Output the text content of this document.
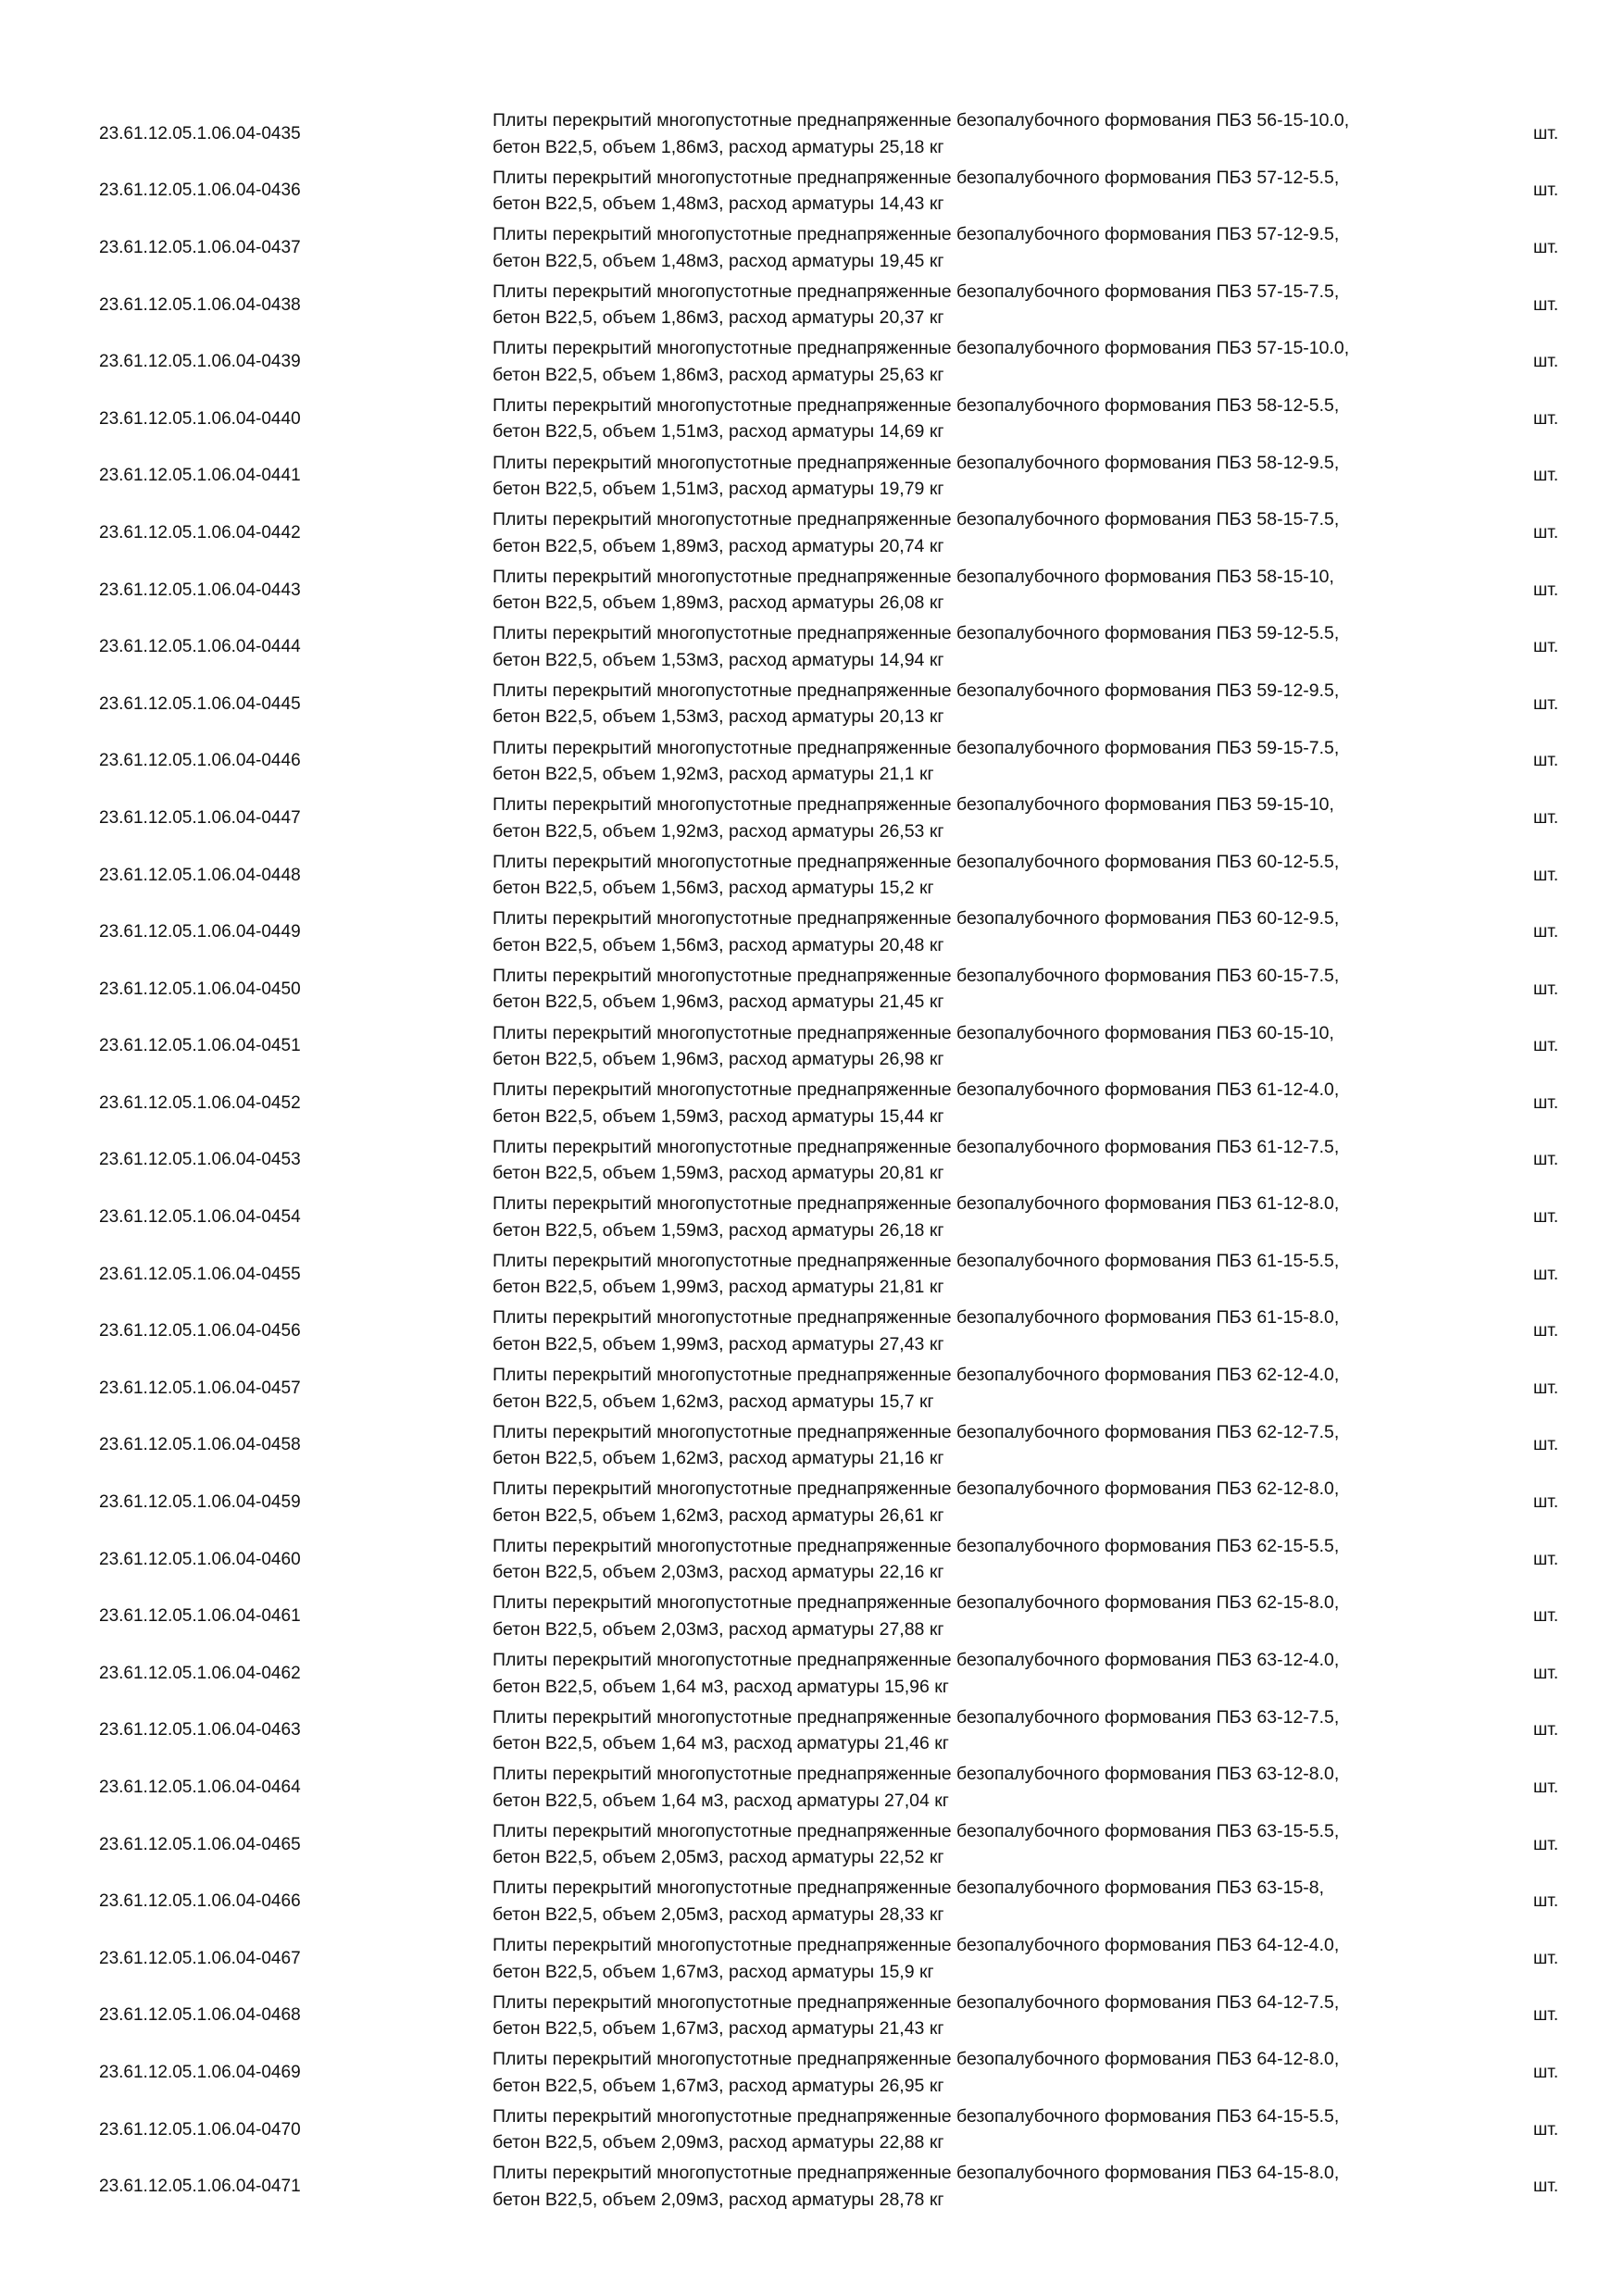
23.61.12.05.1.06.04-0435
Плиты перекрытий многопустотные преднапряженные безопалубочного формования ПБЗ 56-15-10.0,
бетон В22,5, объем 1,86м3, расход арматуры 25,18 кг
шт.
23.61.12.05.1.06.04-0436
Плиты перекрытий многопустотные преднапряженные безопалубочного формования ПБЗ 57-12-5.5,
бетон В22,5, объем 1,48м3, расход арматуры 14,43 кг
шт.
23.61.12.05.1.06.04-0437
Плиты перекрытий многопустотные преднапряженные безопалубочного формования ПБЗ 57-12-9.5,
бетон В22,5, объем 1,48м3, расход арматуры 19,45 кг
шт.
23.61.12.05.1.06.04-0438
Плиты перекрытий многопустотные преднапряженные безопалубочного формования ПБЗ 57-15-7.5,
бетон В22,5, объем 1,86м3, расход арматуры 20,37 кг
шт.
23.61.12.05.1.06.04-0439
Плиты перекрытий многопустотные преднапряженные безопалубочного формования ПБЗ 57-15-10.0,
бетон В22,5, объем 1,86м3, расход арматуры 25,63 кг
шт.
23.61.12.05.1.06.04-0440
Плиты перекрытий многопустотные преднапряженные безопалубочного формования ПБЗ 58-12-5.5,
бетон В22,5, объем 1,51м3, расход арматуры 14,69 кг
шт.
23.61.12.05.1.06.04-0441
Плиты перекрытий многопустотные преднапряженные безопалубочного формования ПБЗ 58-12-9.5,
бетон В22,5, объем 1,51м3, расход арматуры 19,79 кг
шт.
23.61.12.05.1.06.04-0442
Плиты перекрытий многопустотные преднапряженные безопалубочного формования ПБЗ 58-15-7.5,
бетон В22,5, объем 1,89м3, расход арматуры 20,74 кг
шт.
23.61.12.05.1.06.04-0443
Плиты перекрытий многопустотные преднапряженные безопалубочного формования ПБЗ 58-15-10,
бетон В22,5, объем 1,89м3, расход арматуры 26,08 кг
шт.
23.61.12.05.1.06.04-0444
Плиты перекрытий многопустотные преднапряженные безопалубочного формования ПБЗ 59-12-5.5,
бетон В22,5, объем 1,53м3, расход арматуры 14,94 кг
шт.
23.61.12.05.1.06.04-0445
Плиты перекрытий многопустотные преднапряженные безопалубочного формования ПБЗ 59-12-9.5,
бетон В22,5, объем 1,53м3, расход арматуры 20,13 кг
шт.
23.61.12.05.1.06.04-0446
Плиты перекрытий многопустотные преднапряженные безопалубочного формования ПБЗ 59-15-7.5,
бетон В22,5, объем 1,92м3, расход арматуры 21,1 кг
шт.
23.61.12.05.1.06.04-0447
Плиты перекрытий многопустотные преднапряженные безопалубочного формования ПБЗ 59-15-10,
бетон В22,5, объем 1,92м3, расход арматуры 26,53 кг
шт.
23.61.12.05.1.06.04-0448
Плиты перекрытий многопустотные преднапряженные безопалубочного формования ПБЗ 60-12-5.5,
бетон В22,5, объем 1,56м3, расход арматуры 15,2 кг
шт.
23.61.12.05.1.06.04-0449
Плиты перекрытий многопустотные преднапряженные безопалубочного формования ПБЗ 60-12-9.5,
бетон В22,5, объем 1,56м3, расход арматуры 20,48 кг
шт.
23.61.12.05.1.06.04-0450
Плиты перекрытий многопустотные преднапряженные безопалубочного формования ПБЗ 60-15-7.5,
бетон В22,5, объем 1,96м3, расход арматуры 21,45 кг
шт.
23.61.12.05.1.06.04-0451
Плиты перекрытий многопустотные преднапряженные безопалубочного формования ПБЗ 60-15-10,
бетон В22,5, объем 1,96м3, расход арматуры 26,98 кг
шт.
23.61.12.05.1.06.04-0452
Плиты перекрытий многопустотные преднапряженные безопалубочного формования ПБЗ 61-12-4.0,
бетон В22,5, объем 1,59м3, расход арматуры 15,44 кг
шт.
23.61.12.05.1.06.04-0453
Плиты перекрытий многопустотные преднапряженные безопалубочного формования ПБЗ 61-12-7.5,
бетон В22,5, объем 1,59м3, расход арматуры 20,81 кг
шт.
23.61.12.05.1.06.04-0454
Плиты перекрытий многопустотные преднапряженные безопалубочного формования ПБЗ 61-12-8.0,
бетон В22,5, объем 1,59м3, расход арматуры 26,18 кг
шт.
23.61.12.05.1.06.04-0455
Плиты перекрытий многопустотные преднапряженные безопалубочного формования ПБЗ 61-15-5.5,
бетон В22,5, объем 1,99м3, расход арматуры 21,81 кг
шт.
23.61.12.05.1.06.04-0456
Плиты перекрытий многопустотные преднапряженные безопалубочного формования ПБЗ 61-15-8.0,
бетон В22,5, объем 1,99м3, расход арматуры 27,43 кг
шт.
23.61.12.05.1.06.04-0457
Плиты перекрытий многопустотные преднапряженные безопалубочного формования ПБЗ 62-12-4.0,
бетон В22,5, объем 1,62м3, расход арматуры 15,7 кг
шт.
23.61.12.05.1.06.04-0458
Плиты перекрытий многопустотные преднапряженные безопалубочного формования ПБЗ 62-12-7.5,
бетон В22,5, объем 1,62м3, расход арматуры 21,16 кг
шт.
23.61.12.05.1.06.04-0459
Плиты перекрытий многопустотные преднапряженные безопалубочного формования ПБЗ 62-12-8.0,
бетон В22,5, объем 1,62м3, расход арматуры 26,61 кг
шт.
23.61.12.05.1.06.04-0460
Плиты перекрытий многопустотные преднапряженные безопалубочного формования ПБЗ 62-15-5.5,
бетон В22,5, объем 2,03м3, расход арматуры 22,16 кг
шт.
23.61.12.05.1.06.04-0461
Плиты перекрытий многопустотные преднапряженные безопалубочного формования ПБЗ 62-15-8.0,
бетон В22,5, объем 2,03м3, расход арматуры 27,88 кг
шт.
23.61.12.05.1.06.04-0462
Плиты перекрытий многопустотные преднапряженные безопалубочного формования ПБЗ 63-12-4.0,
бетон В22,5, объем 1,64 м3, расход арматуры 15,96 кг
шт.
23.61.12.05.1.06.04-0463
Плиты перекрытий многопустотные преднапряженные безопалубочного формования ПБЗ 63-12-7.5,
бетон В22,5, объем 1,64 м3, расход арматуры 21,46 кг
шт.
23.61.12.05.1.06.04-0464
Плиты перекрытий многопустотные преднапряженные безопалубочного формования ПБЗ 63-12-8.0,
бетон В22,5, объем 1,64 м3, расход арматуры 27,04 кг
шт.
23.61.12.05.1.06.04-0465
Плиты перекрытий многопустотные преднапряженные безопалубочного формования ПБЗ 63-15-5.5,
бетон В22,5, объем 2,05м3, расход арматуры 22,52 кг
шт.
23.61.12.05.1.06.04-0466
Плиты перекрытий многопустотные преднапряженные безопалубочного формования ПБЗ 63-15-8,
бетон В22,5, объем 2,05м3, расход арматуры 28,33 кг
шт.
23.61.12.05.1.06.04-0467
Плиты перекрытий многопустотные преднапряженные безопалубочного формования ПБЗ 64-12-4.0,
бетон В22,5, объем 1,67м3, расход арматуры 15,9 кг
шт.
23.61.12.05.1.06.04-0468
Плиты перекрытий многопустотные преднапряженные безопалубочного формования ПБЗ 64-12-7.5,
бетон В22,5, объем 1,67м3, расход арматуры 21,43 кг
шт.
23.61.12.05.1.06.04-0469
Плиты перекрытий многопустотные преднапряженные безопалубочного формования ПБЗ 64-12-8.0,
бетон В22,5, объем 1,67м3, расход арматуры 26,95 кг
шт.
23.61.12.05.1.06.04-0470
Плиты перекрытий многопустотные преднапряженные безопалубочного формования ПБЗ 64-15-5.5,
бетон В22,5, объем 2,09м3, расход арматуры 22,88 кг
шт.
23.61.12.05.1.06.04-0471
Плиты перекрытий многопустотные преднапряженные безопалубочного формования ПБЗ 64-15-8.0,
бетон В22,5, объем 2,09м3, расход арматуры 28,78 кг
шт.
